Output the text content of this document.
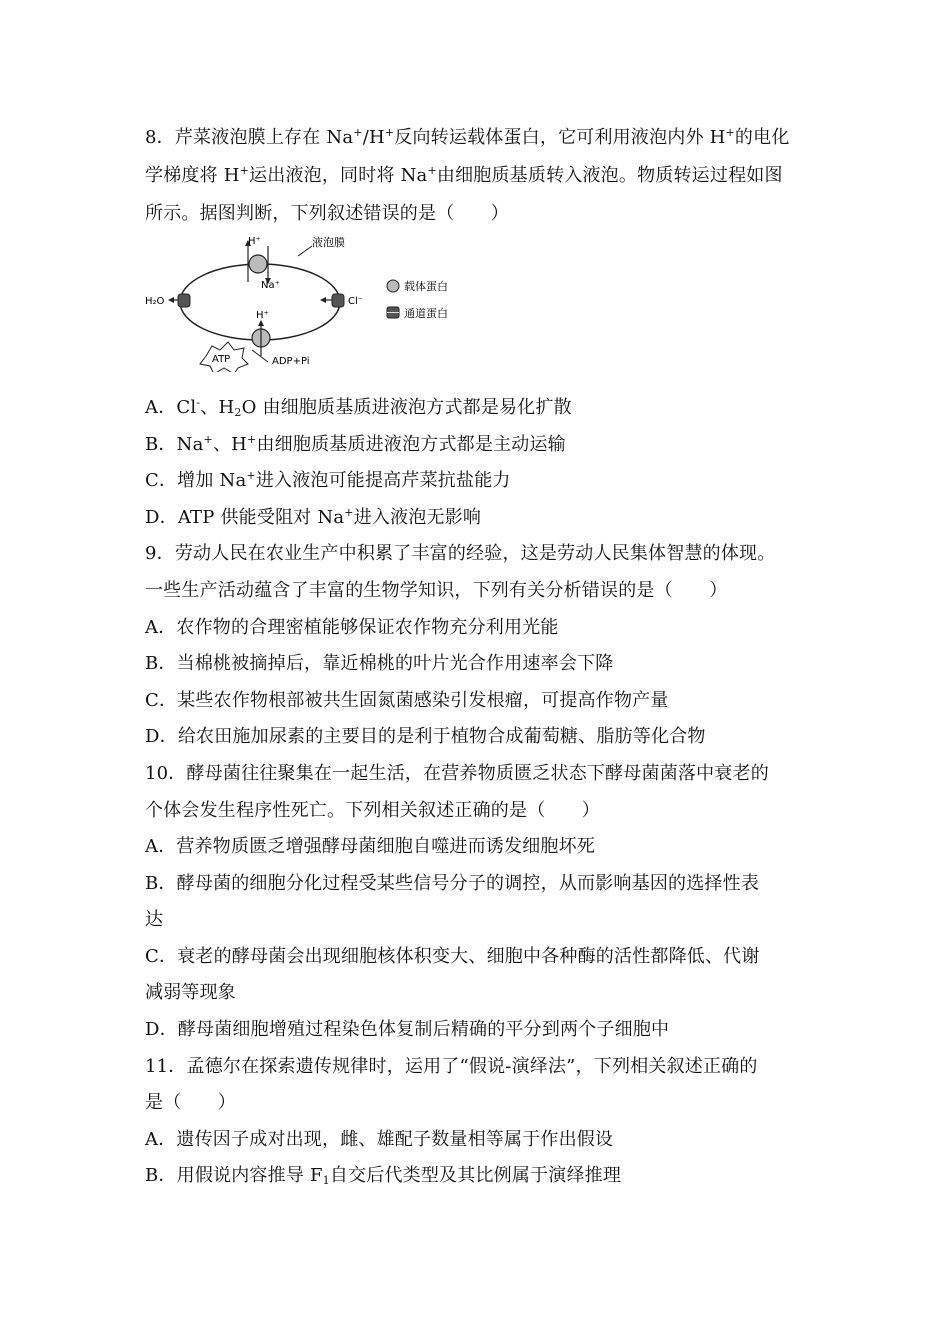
8．芹菜液泡膜上存在 Na+/H+反向转运载体蛋白，它可利用液泡内外 H+的电化
学梯度将 H+运出液泡，同时将 Na+由细胞质基质转入液泡。物质转运过程如图
所示。据图判断，下列叙述错误的是（　　）
H⁺
Na⁺
液泡膜
H₂O	Cl⁻
H⁺
ATP	ADP+Pi
载体蛋白
通道蛋白
A．Cl-、$H_2O$ 由细胞质基质进液泡方式都是易化扩散
B．Na+、H+由细胞质基质进液泡方式都是主动运输
C．增加 Na+进入液泡可能提高芹菜抗盐能力
D．ATP 供能受阻对 Na+进入液泡无影响
9．劳动人民在农业生产中积累了丰富的经验，这是劳动人民集体智慧的体现。
一些生产活动蕴含了丰富的生物学知识，下列有关分析错误的是（　　）
A．农作物的合理密植能够保证农作物充分利用光能
B．当棉桃被摘掉后，靠近棉桃的叶片光合作用速率会下降
C．某些农作物根部被共生固氮菌感染引发根瘤，可提高作物产量
D．给农田施加尿素的主要目的是利于植物合成葡萄糖、脂肪等化合物
10．酵母菌往往聚集在一起生活，在营养物质匮乏状态下酵母菌菌落中衰老的
个体会发生程序性死亡。下列相关叙述正确的是（　　）
A．营养物质匮乏增强酵母菌细胞自噬进而诱发细胞坏死
B．酵母菌的细胞分化过程受某些信号分子的调控，从而影响基因的选择性表
达
C．衰老的酵母菌会出现细胞核体积变大、细胞中各种酶的活性都降低、代谢
减弱等现象
D．酵母菌细胞增殖过程染色体复制后精确的平分到两个子细胞中
11．孟德尔在探索遗传规律时，运用了“假说-演绎法”，下列相关叙述正确的
是（　　）
A．遗传因子成对出现，雌、雄配子数量相等属于作出假设
B．用假说内容推导 $F_1$自交后代类型及其比例属于演绎推理
